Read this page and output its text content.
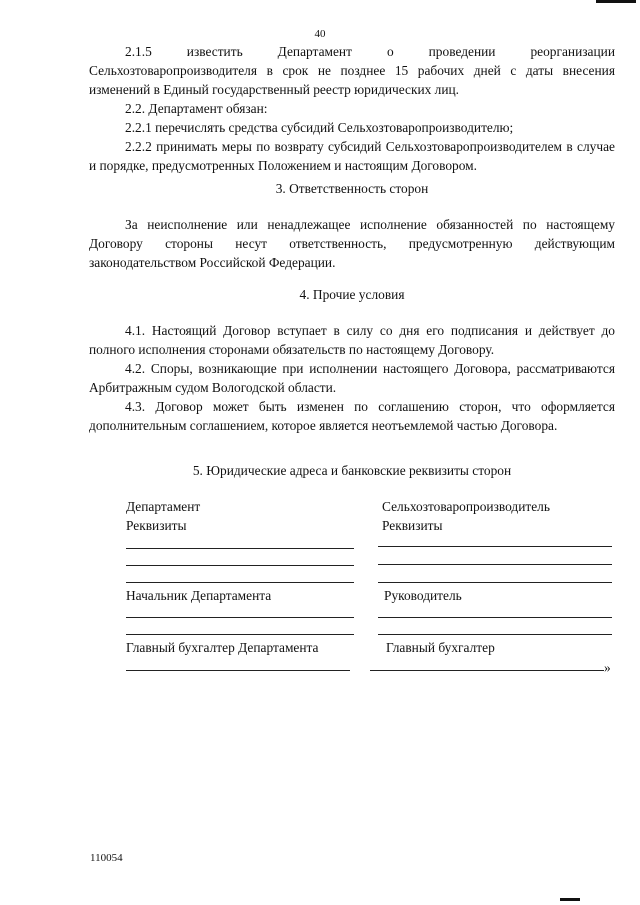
40
2.1.5 известить Департамент о проведении реорганизации Сельхозтоваропроизводителя в срок не позднее 15 рабочих дней с даты внесения изменений в Единый государственный реестр юридических лиц.
2.2. Департамент обязан:
2.2.1 перечислять средства субсидий Сельхозтоваропроизводителю;
2.2.2 принимать меры по возврату субсидий Сельхозтоваропроизводителем в случае и порядке, предусмотренных Положением и настоящим Договором.
3. Ответственность сторон
За неисполнение или ненадлежащее исполнение обязанностей по настоящему Договору стороны несут ответственность, предусмотренную действующим законодательством Российской Федерации.
4. Прочие условия
4.1. Настоящий Договор вступает в силу со дня его подписания и действует до полного исполнения сторонами обязательств по настоящему Договору.
4.2. Споры, возникающие при исполнении настоящего Договора, рассматриваются Арбитражным судом Вологодской области.
4.3. Договор может быть изменен по соглашению сторон, что оформляется дополнительным соглашением, которое является неотъемлемой частью Договора.
5. Юридические адреса и банковские реквизиты сторон
Департамент
Реквизиты
Начальник Департамента
Главный бухгалтер Департамента
Сельхозтоваропроизводитель
Реквизиты
Руководитель
Главный бухгалтер
»
110054
